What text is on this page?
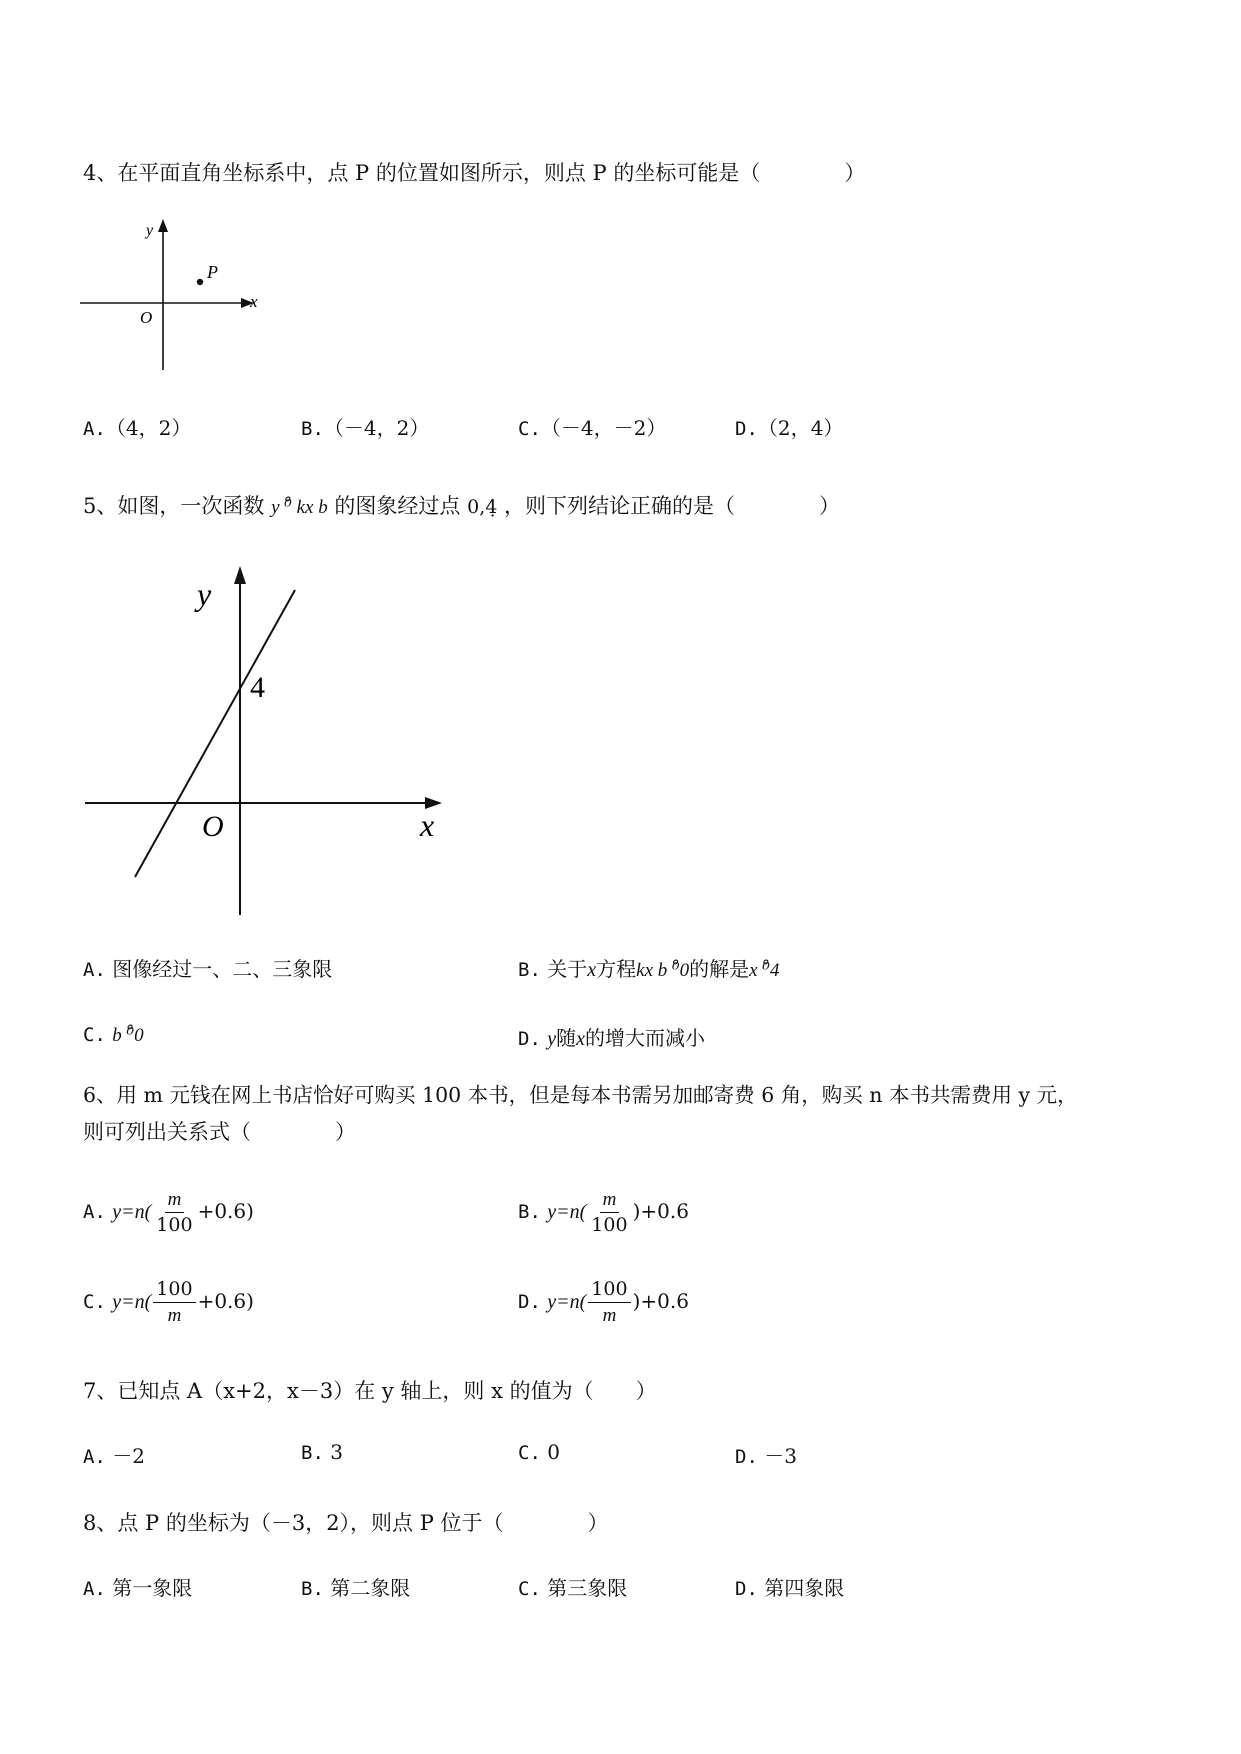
4、在平面直角坐标系中，点 P 的位置如图所示，则点 P 的坐标可能是（　　　　）
P
y
x
O
A.（4，2）	B.（－4，2）	C.（－4，－2）	D.（2，4）
5、如图，一次函数 y ⁰̊ kx b 的图象经过点 0,4̣ ，则下列结论正确的是（　　　　）
y
x
O
4
A. 图像经过一、二、三象限	B. 关于x方程kx b ⁰̊0的解是x ⁰̊4
C. b ⁰̊0	D. y随x的增大而减小
6、用 m 元钱在网上书店恰好可购买 100 本书，但是每本书需另加邮寄费 6 角，购买 n 本书共需费用 y 元，
则可列出关系式（　　　　）
A. $y=n( \frac{m}{100} +0.6)$	B. $y=n( \frac{m}{100} )+0.6$
C. $y=n( \frac{100}{m} +0.6)$	D. $y=n( \frac{100}{m} )+0.6$
7、已知点 A（x+2，x－3）在 y 轴上，则 x 的值为（　　）
A. －2	B. 3	C. 0	D. －3
8、点 P 的坐标为（－3，2），则点 P 位于（　　　　）
A. 第一象限	B. 第二象限	C. 第三象限	D. 第四象限
